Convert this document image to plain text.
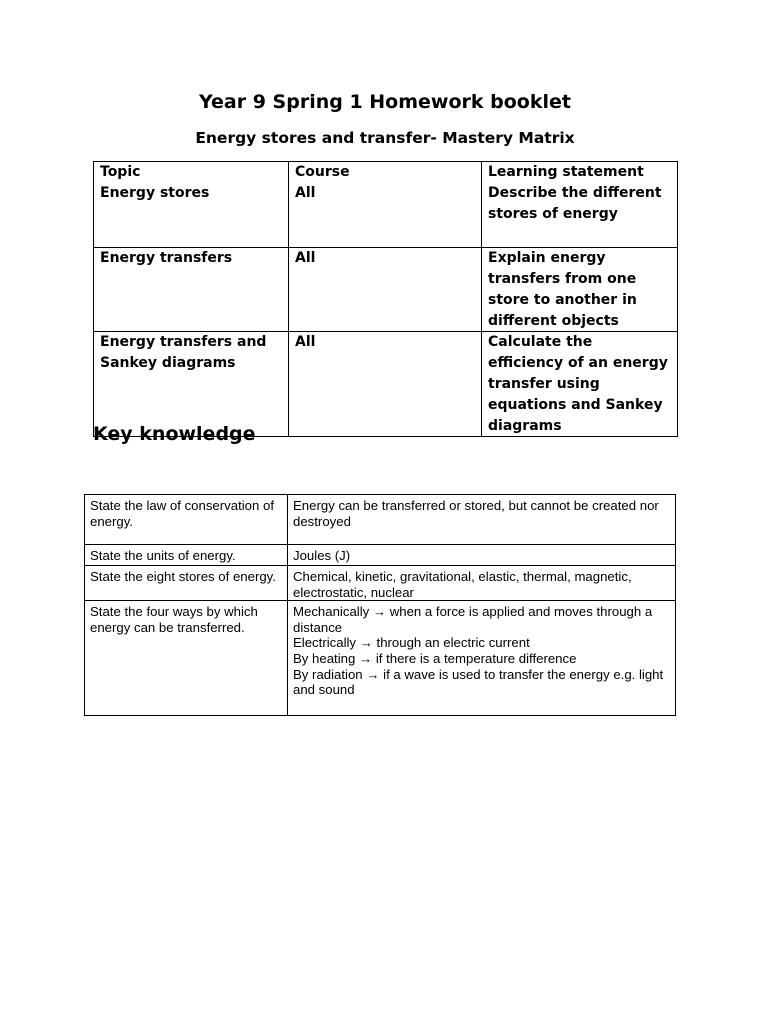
Year 9 Spring 1 Homework booklet
Energy stores and transfer- Mastery Matrix
Topic	Course	Learning statement
Energy stores	All	Describe the different stores of energy
Energy transfers	All	Explain energy transfers from one store to another in different objects
Energy transfers and Sankey diagrams	All	Calculate the efficiency of an energy transfer using equations and Sankey diagrams
Key knowledge
State the law of conservation of energy.	Energy can be transferred or stored, but cannot be created nor destroyed
State the units of energy.	Joules (J)
State the eight stores of energy.	Chemical, kinetic, gravitational, elastic, thermal, magnetic, electrostatic, nuclear
State the four ways by which energy can be transferred.	Mechanically → when a force is applied and moves through a distance
Electrically → through an electric current
By heating → if there is a temperature difference
By radiation → if a wave is used to transfer the energy e.g. light and sound
